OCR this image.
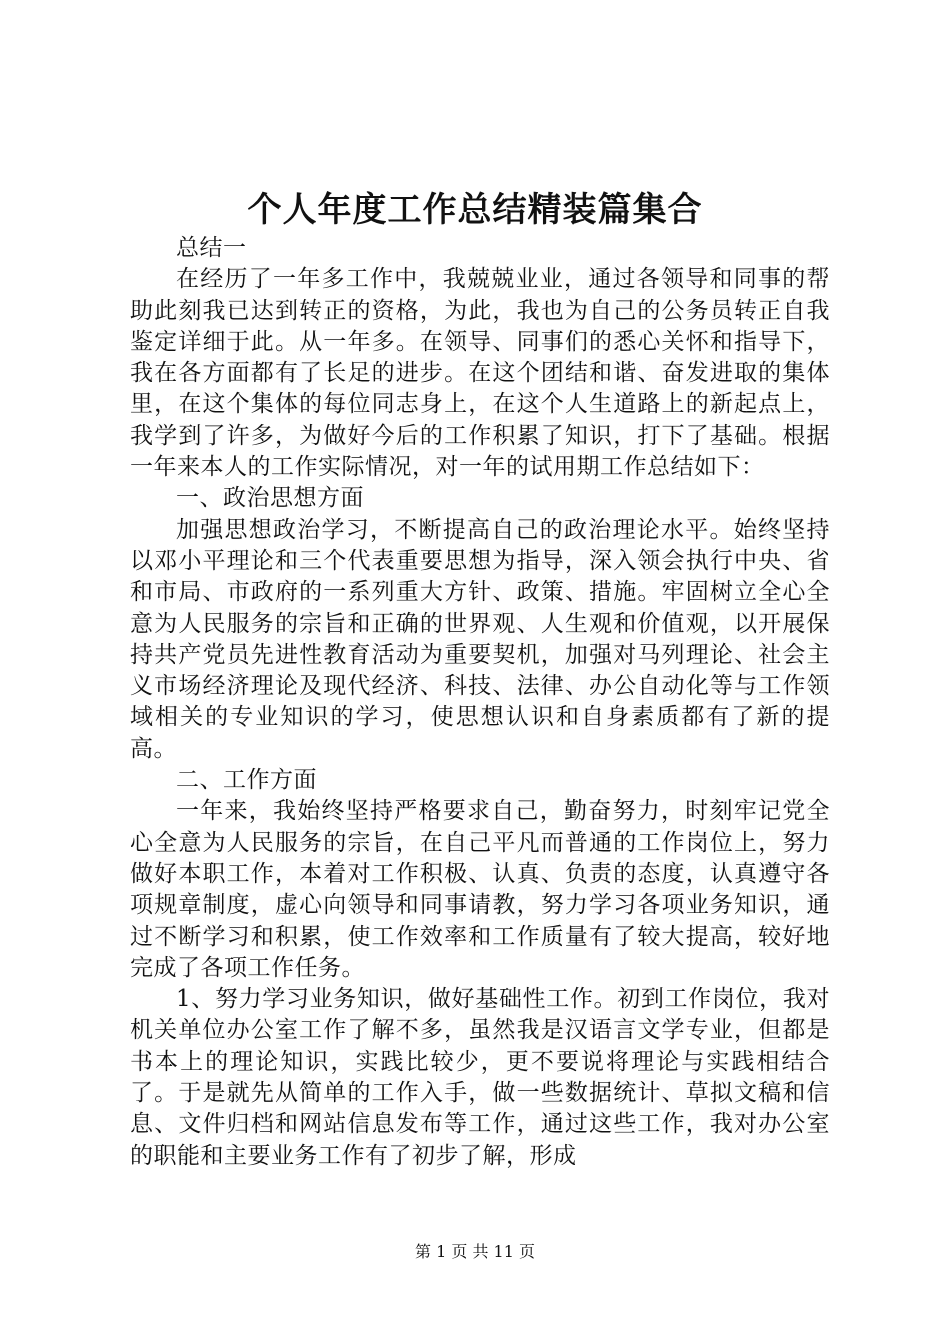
个人年度工作总结精装篇集合

总结一

在经历了一年多工作中，我兢兢业业，通过各领导和同事的帮助此刻我已达到转正的资格，为此，我也为自己的公务员转正自我鉴定详细于此。从一年多。在领导、同事们的悉心关怀和指导下，我在各方面都有了长足的进步。在这个团结和谐、奋发进取的集体里，在这个集体的每位同志身上，在这个人生道路上的新起点上，我学到了许多，为做好今后的工作积累了知识，打下了基础。根据一年来本人的工作实际情况，对一年的试用期工作总结如下：

一、政治思想方面

加强思想政治学习，不断提高自己的政治理论水平。始终坚持以邓小平理论和三个代表重要思想为指导，深入领会执行中央、省和市局、市政府的一系列重大方针、政策、措施。牢固树立全心全意为人民服务的宗旨和正确的世界观、人生观和价值观，以开展保持共产党员先进性教育活动为重要契机，加强对马列理论、社会主义市场经济理论及现代经济、科技、法律、办公自动化等与工作领域相关的专业知识的学习，使思想认识和自身素质都有了新的提高。

二、工作方面

一年来，我始终坚持严格要求自己，勤奋努力，时刻牢记党全心全意为人民服务的宗旨，在自己平凡而普通的工作岗位上，努力做好本职工作，本着对工作积极、认真、负责的态度，认真遵守各项规章制度，虚心向领导和同事请教，努力学习各项业务知识，通过不断学习和积累，使工作效率和工作质量有了较大提高，较好地完成了各项工作任务。

1、努力学习业务知识，做好基础性工作。初到工作岗位，我对机关单位办公室工作了解不多，虽然我是汉语言文学专业，但都是书本上的理论知识，实践比较少，更不要说将理论与实践相结合了。于是就先从简单的工作入手，做一些数据统计、草拟文稿和信息、文件归档和网站信息发布等工作，通过这些工作，我对办公室的职能和主要业务工作有了初步了解，形成

第 1 页 共 11 页
